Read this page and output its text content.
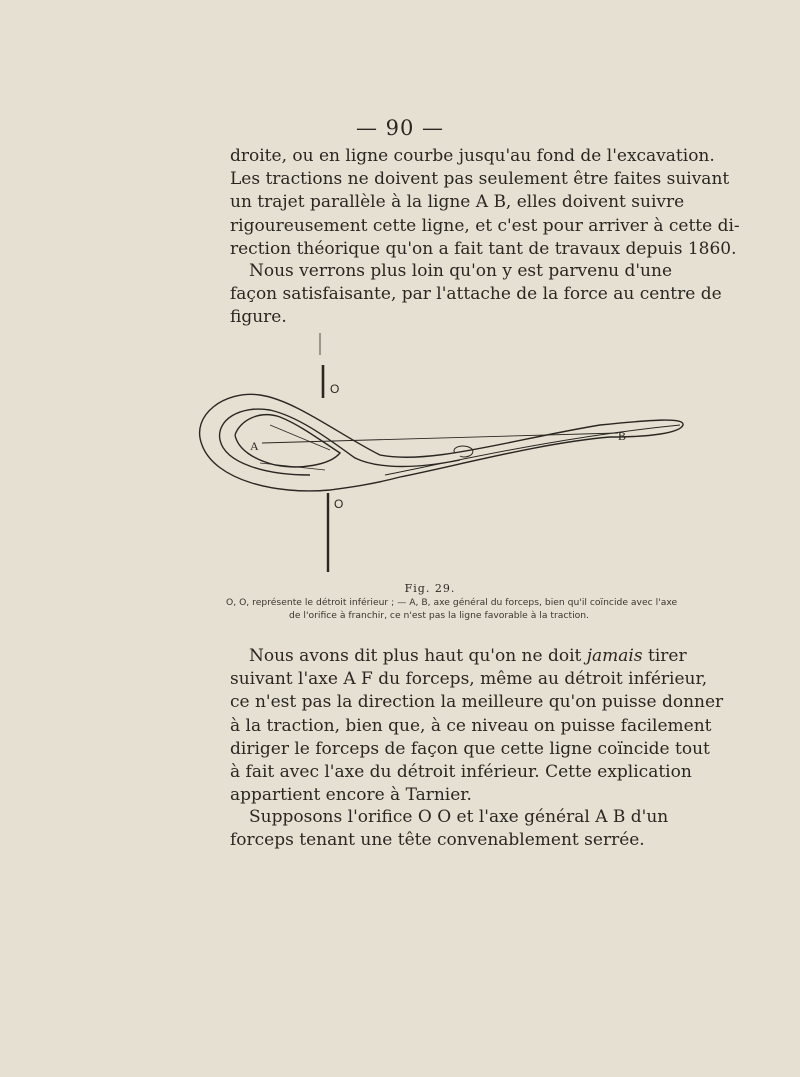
— 90 —

droite, ou en ligne courbe jusqu'au fond de l'excavation.
Les tractions ne doivent pas seulement être faites suivant
un trajet parallèle à la ligne A B, elles doivent suivre
rigoureusement cette ligne, et c'est pour arriver à cette di-
rection théorique qu'on a fait tant de travaux depuis 1860.

Nous verrons plus loin qu'on y est parvenu d'une
façon satisfaisante, par l'attache de la force au centre de
figure.

O
O
A
B
Fig. 29.
O, O, représente le détroit inférieur ; — A, B, axe général du forceps, bien qu'il coïncide avec l'axe
de l'orifice à franchir, ce n'est pas la ligne favorable à la traction.

Nous avons dit plus haut qu'on ne doit jamais tirer
suivant l'axe A F du forceps, même au détroit inférieur,
ce n'est pas la direction la meilleure qu'on puisse donner
à la traction, bien que, à ce niveau on puisse facilement
diriger le forceps de façon que cette ligne coïncide tout
à fait avec l'axe du détroit inférieur. Cette explication
appartient encore à Tarnier.

Supposons l'orifice O O et l'axe général A B d'un
forceps tenant une tête convenablement serrée.
